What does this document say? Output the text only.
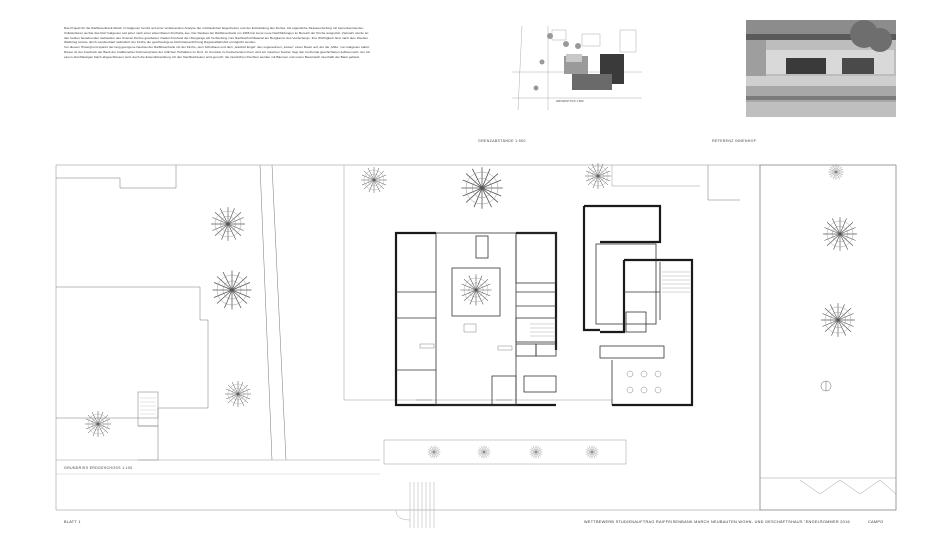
Das Projekt für die Raiffeisenbank March in Galgenen beruht auf einer umfassenden Analyse der ortsbaulichen Eigenheiten und der Entwicklung des Dorfes. Als eigentliche Strassendorfung mit bemerkenswerten Volkskulturen suchte das Dorf Galgenen seit jeher nach einer erkennbaren Dorfmitte aus. Der Neubau der Raiffeisenbank um 1966 hat zuvor neue Nachbildungen im Bereich der Kirche ausgelöst. Vielmehr wurde an den beiden bestehenden Gebäuden des Unteren Dorfes gearbeitet. Dadurch befand die Übergänge als Verbindung zum Nachbarhof Material am Bergkamm des Vorderbergs. Ihre Wichtigkeit: Erst nach dem Zweiten Weltkrieg konnte durch Landverkauf südöstlich der Kirche die geschwungene Dorfstrassenführung Regionalbahnhof ermöglicht werden.

Vor diesem Hintergrund spannt der lang gezogene Neubau der Raiffeisenbank mit der Kirche, dem Schulhaus und dem „Gasthof Engel“ den sogenannten „Löwen“ einen Raum auf, der die „Mitte“ von Galgenen stärkt. Dieser ist der Ausdruck der Bank der traditionellen Fahrnerspraxis der örtlichen Hofstätten im Dorf. Im Kontrast zu freistehendem Kern wird ein massiver Sockel, liegt den horizontal geschichteten Aufbau nach, der mit einem durchlässigen Dach abgeschlossen wird. Auch die Ensemblewirkung mit den Nachbarbauten wird genutzt: die räumlichen Fluchten werden mit Bäumen und einem Baumdach innerhalb der Bank gefasst.

GRUNDSTÜCK 1:500
GRENZABSTÄNDE 1:500	REFERENZ INNENHOF
GRUNDRISS ERDGESCHOSS 1:100
BLATT 1	WETTBEWERB STUDIENAUFTRAG RAIFFEISENBANK MARCH NEUBAUTEN WOHN- UND GESCHÄFTSHAUS "ENGEL"
SOMMER 2016	CAMPO
